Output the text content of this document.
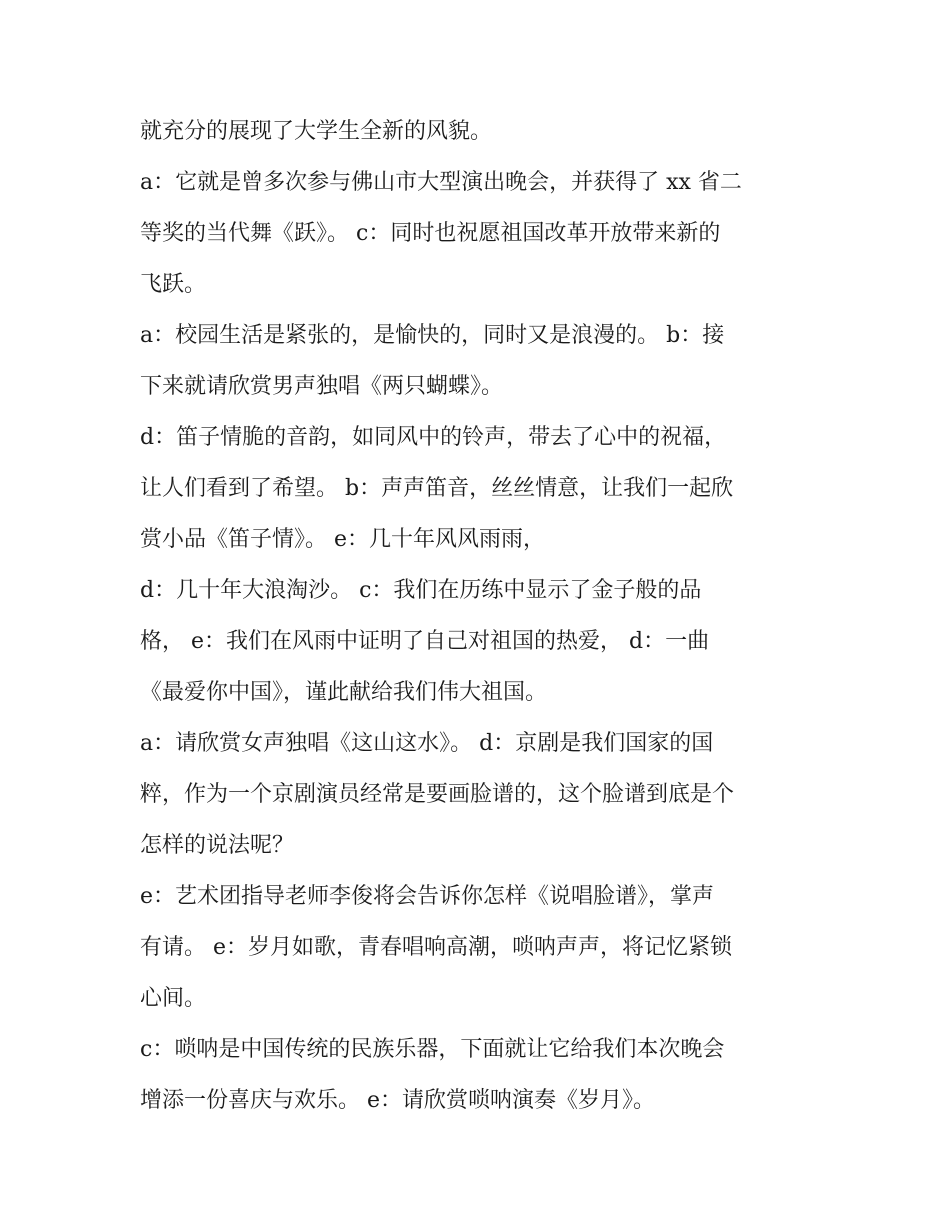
就充分的展现了大学生全新的风貌。

a：它就是曾多次参与佛山市大型演出晚会，并获得了 xx 省二

等奖的当代舞《跃》。 c：同时也祝愿祖国改革开放带来新的

飞跃。

a：校园生活是紧张的，是愉快的，同时又是浪漫的。 b：接

下来就请欣赏男声独唱《两只蝴蝶》。

d：笛子情脆的音韵，如同风中的铃声，带去了心中的祝福，

让人们看到了希望。 b：声声笛音，丝丝情意，让我们一起欣

赏小品《笛子情》。 e：几十年风风雨雨，

d：几十年大浪淘沙。 c：我们在历练中显示了金子般的品

格， e：我们在风雨中证明了自己对祖国的热爱， d：一曲

《最爱你中国》，谨此献给我们伟大祖国。

a：请欣赏女声独唱《这山这水》。 d：京剧是我们国家的国

粹，作为一个京剧演员经常是要画脸谱的，这个脸谱到底是个

怎样的说法呢？

e：艺术团指导老师李俊将会告诉你怎样《说唱脸谱》，掌声

有请。 e：岁月如歌，青春唱响高潮，唢呐声声，将记忆紧锁

心间。

c：唢呐是中国传统的民族乐器，下面就让它给我们本次晚会

增添一份喜庆与欢乐。 e：请欣赏唢呐演奏《岁月》。
